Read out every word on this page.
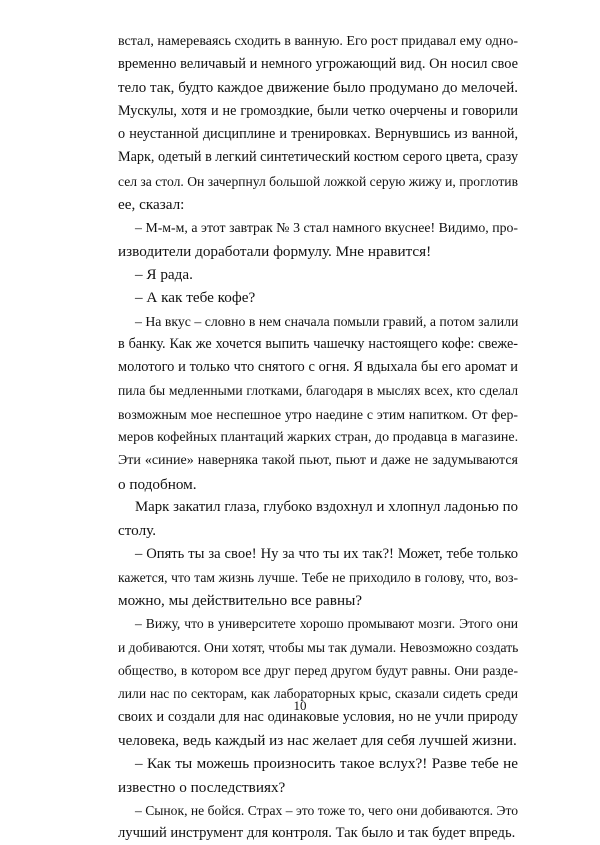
встал, намереваясь сходить в ванную. Его рост придавал ему одно-
временно величавый и немного угрожающий вид. Он носил свое
тело так, будто каждое движение было продумано до мелочей.
Мускулы, хотя и не громоздкие, были четко очерчены и говорили
о неустанной дисциплине и тренировках. Вернувшись из ванной,
Марк, одетый в легкий синтетический костюм серого цвета, сразу
сел за стол. Он зачерпнул большой ложкой серую жижу и, проглотив
ее, сказал:
– М-м-м, а этот завтрак № 3 стал намного вкуснее! Видимо, про-
изводители доработали формулу. Мне нравится!
– Я рада.
– А как тебе кофе?
– На вкус – словно в нем сначала помыли гравий, а потом залили
в банку. Как же хочется выпить чашечку настоящего кофе: свеже-
молотого и только что снятого с огня. Я вдыхала бы его аромат и
пила бы медленными глотками, благодаря в мыслях всех, кто сделал
возможным мое неспешное утро наедине с этим напитком. От фер-
меров кофейных плантаций жарких стран, до продавца в магазине.
Эти «синие» наверняка такой пьют, пьют и даже не задумываются
о подобном.
Марк закатил глаза, глубоко вздохнул и хлопнул ладонью по
столу.
– Опять ты за свое! Ну за что ты их так?! Может, тебе только
кажется, что там жизнь лучше. Тебе не приходило в голову, что, воз-
можно, мы действительно все равны?
– Вижу, что в университете хорошо промывают мозги. Этого они
и добиваются. Они хотят, чтобы мы так думали. Невозможно создать
общество, в котором все друг перед другом будут равны. Они разде-
лили нас по секторам, как лабораторных крыс, сказали сидеть среди
своих и создали для нас одинаковые условия, но не учли природу
человека, ведь каждый из нас желает для себя лучшей жизни.
– Как ты можешь произносить такое вслух?! Разве тебе не
известно о последствиях?
– Сынок, не бойся. Страх – это тоже то, чего они добиваются. Это
лучший инструмент для контроля. Так было и так будет впредь.
10
